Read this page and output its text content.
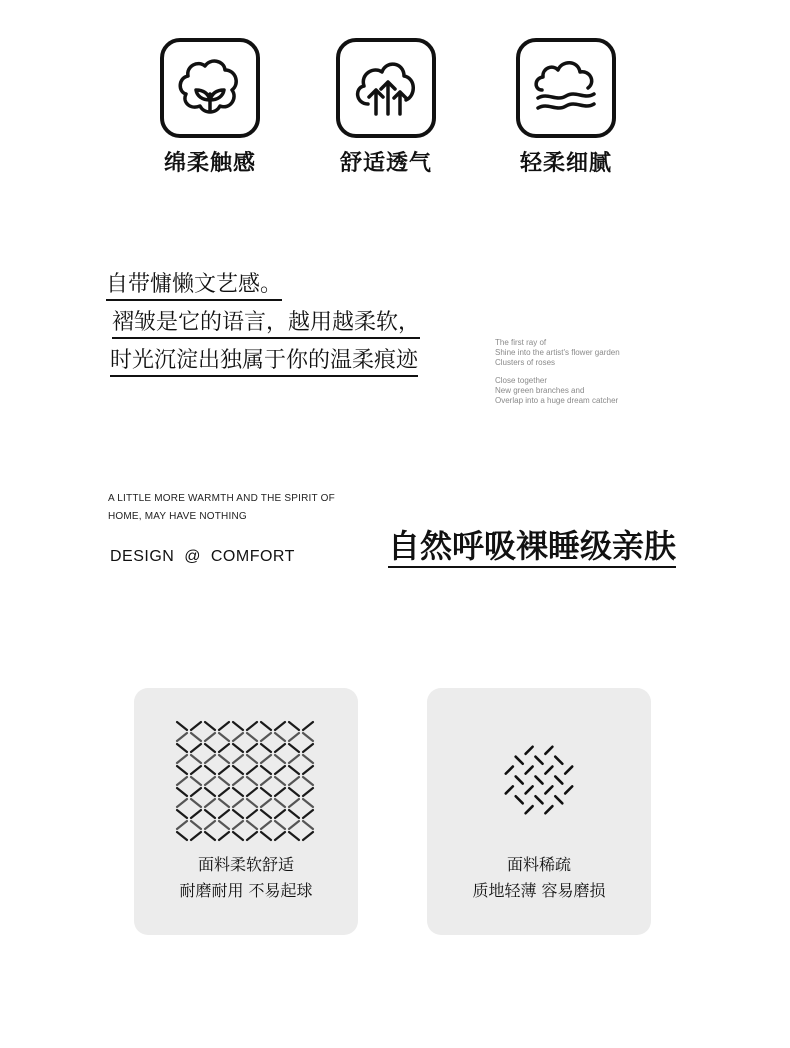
绵柔触感	舒适透气	轻柔细腻
自带慵懒文艺感。
褶皱是它的语言，越用越柔软，
时光沉淀出独属于你的温柔痕迹
The first ray of
Shine into the artist's flower garden
Clusters of roses
Close together
New green branches and
Overlap into a huge dream catcher
A LITTLE MORE WARMTH AND THE SPIRIT OF
HOME, MAY HAVE NOTHING
DESIGN  @  COMFORT	自然呼吸裸睡级亲肤
面料柔软舒适
耐磨耐用 不易起球
面料稀疏
质地轻薄 容易磨损
